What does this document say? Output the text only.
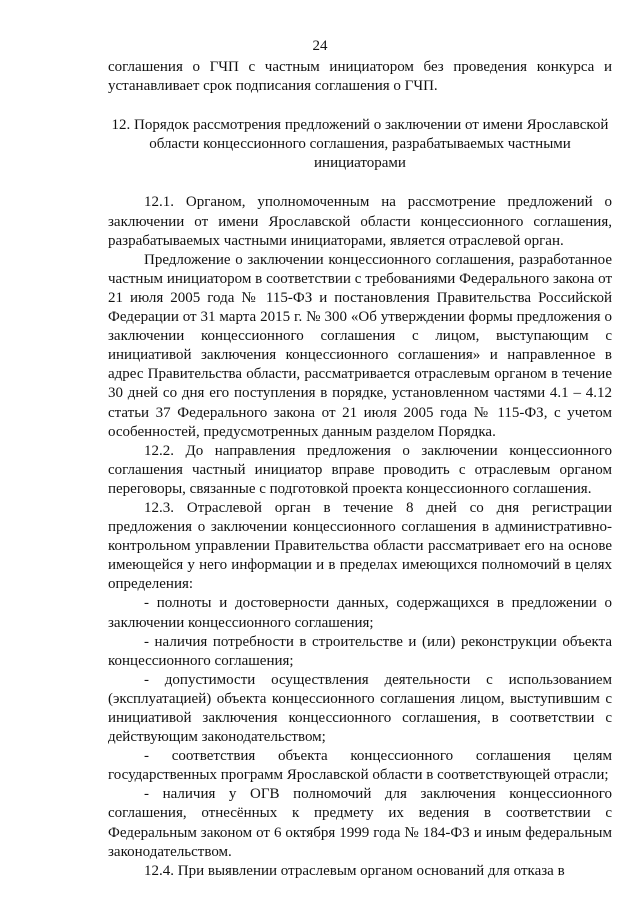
24

соглашения о ГЧП с частным инициатором без проведения конкурса и устанавливает срок подписания соглашения о ГЧП.

12. Порядок рассмотрения предложений о заключении от имени Ярославской области концессионного соглашения, разрабатываемых частными инициаторами

12.1. Органом, уполномоченным на рассмотрение предложений о заключении от имени Ярославской области концессионного соглашения, разрабатываемых частными инициаторами, является отраслевой орган.

Предложение о заключении концессионного соглашения, разработанное частным инициатором в соответствии с требованиями Федерального закона от 21 июля 2005 года № 115-ФЗ и постановления Правительства Российской Федерации от 31 марта 2015 г. № 300 «Об утверждении формы предложения о заключении концессионного соглашения с лицом, выступающим с инициативой заключения концессионного соглашения» и направленное в адрес Правительства области, рассматривается отраслевым органом в течение 30 дней со дня его поступления в порядке, установленном частями 4.1 – 4.12 статьи 37 Федерального закона от 21 июля 2005 года № 115-ФЗ, с учетом особенностей, предусмотренных данным разделом Порядка.

12.2. До направления предложения о заключении концессионного соглашения частный инициатор вправе проводить с отраслевым органом переговоры, связанные с подготовкой проекта концессионного соглашения.

12.3. Отраслевой орган в течение 8 дней со дня регистрации предложения о заключении концессионного соглашения в административно-контрольном управлении Правительства области рассматривает его на основе имеющейся у него информации и в пределах имеющихся полномочий в целях определения:

- полноты и достоверности данных, содержащихся в предложении о заключении концессионного соглашения;

- наличия потребности в строительстве и (или) реконструкции объекта концессионного соглашения;

- допустимости осуществления деятельности с использованием (эксплуатацией) объекта концессионного соглашения лицом, выступившим с инициативой заключения концессионного соглашения, в соответствии с действующим законодательством;

- соответствия объекта концессионного соглашения целям государственных программ Ярославской области в соответствующей отрасли;

- наличия у ОГВ полномочий для заключения концессионного соглашения, отнесённых к предмету их ведения в соответствии с Федеральным законом от 6 октября 1999 года № 184-ФЗ и иным федеральным законодательством.

12.4. При выявлении отраслевым органом оснований для отказа в
